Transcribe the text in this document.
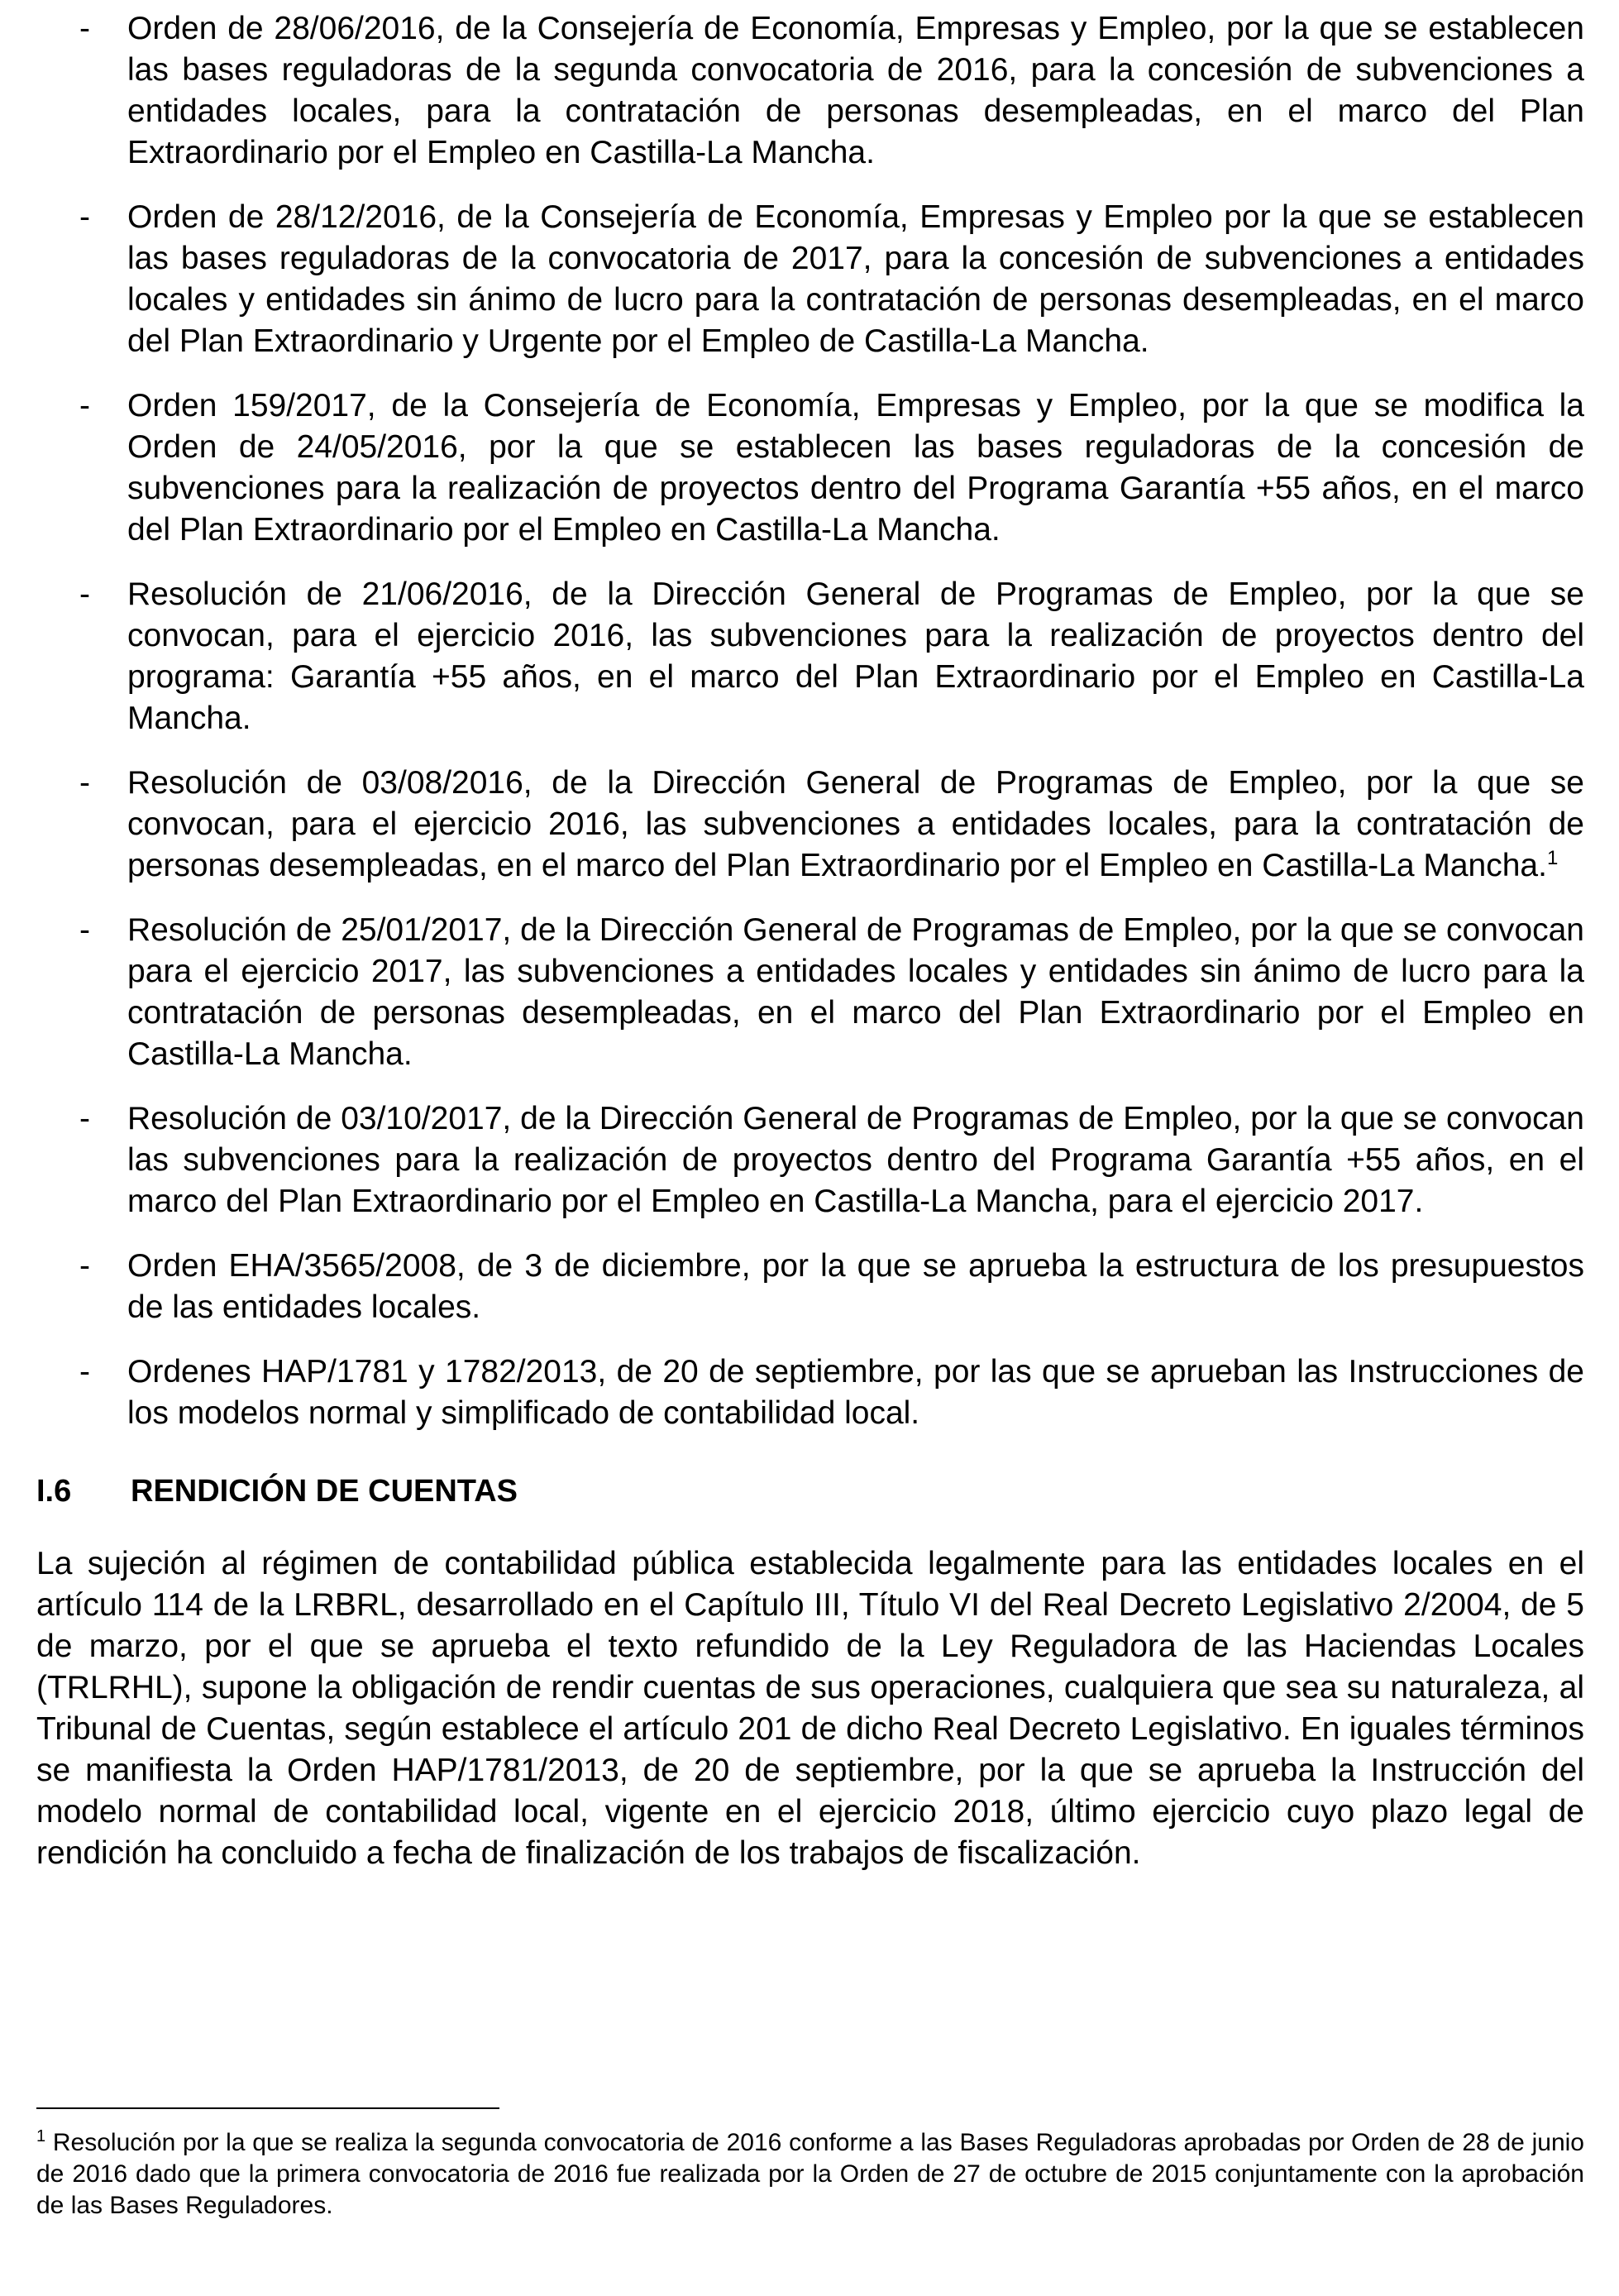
- Orden de 28/06/2016, de la Consejería de Economía, Empresas y Empleo, por la que se establecen las bases reguladoras de la segunda convocatoria de 2016, para la concesión de subvenciones a entidades locales, para la contratación de personas desempleadas, en el marco del Plan Extraordinario por el Empleo en Castilla-La Mancha.
- Orden de 28/12/2016, de la Consejería de Economía, Empresas y Empleo por la que se establecen las bases reguladoras de la convocatoria de 2017, para la concesión de subvenciones a entidades locales y entidades sin ánimo de lucro para la contratación de personas desempleadas, en el marco del Plan Extraordinario y Urgente por el Empleo de Castilla-La Mancha.
- Orden 159/2017, de la Consejería de Economía, Empresas y Empleo, por la que se modifica la Orden de 24/05/2016, por la que se establecen las bases reguladoras de la concesión de subvenciones para la realización de proyectos dentro del Programa Garantía +55 años, en el marco del Plan Extraordinario por el Empleo en Castilla-La Mancha.
- Resolución de 21/06/2016, de la Dirección General de Programas de Empleo, por la que se convocan, para el ejercicio 2016, las subvenciones para la realización de proyectos dentro del programa: Garantía +55 años, en el marco del Plan Extraordinario por el Empleo en Castilla-La Mancha.
- Resolución de 03/08/2016, de la Dirección General de Programas de Empleo, por la que se convocan, para el ejercicio 2016, las subvenciones a entidades locales, para la contratación de personas desempleadas, en el marco del Plan Extraordinario por el Empleo en Castilla-La Mancha.$^1$
- Resolución de 25/01/2017, de la Dirección General de Programas de Empleo, por la que se convocan para el ejercicio 2017, las subvenciones a entidades locales y entidades sin ánimo de lucro para la contratación de personas desempleadas, en el marco del Plan Extraordinario por el Empleo en Castilla-La Mancha.
- Resolución de 03/10/2017, de la Dirección General de Programas de Empleo, por la que se convocan las subvenciones para la realización de proyectos dentro del Programa Garantía +55 años, en el marco del Plan Extraordinario por el Empleo en Castilla-La Mancha, para el ejercicio 2017.
- Orden EHA/3565/2008, de 3 de diciembre, por la que se aprueba la estructura de los presupuestos de las entidades locales.
- Ordenes HAP/1781 y 1782/2013, de 20 de septiembre, por las que se aprueban las Instrucciones de los modelos normal y simplificado de contabilidad local.
I.6 RENDICIÓN DE CUENTAS

La sujeción al régimen de contabilidad pública establecida legalmente para las entidades locales en el artículo 114 de la LRBRL, desarrollado en el Capítulo III, Título VI del Real Decreto Legislativo 2/2004, de 5 de marzo, por el que se aprueba el texto refundido de la Ley Reguladora de las Haciendas Locales (TRLRHL), supone la obligación de rendir cuentas de sus operaciones, cualquiera que sea su naturaleza, al Tribunal de Cuentas, según establece el artículo 201 de dicho Real Decreto Legislativo. En iguales términos se manifiesta la Orden HAP/1781/2013, de 20 de septiembre, por la que se aprueba la Instrucción del modelo normal de contabilidad local, vigente en el ejercicio 2018, último ejercicio cuyo plazo legal de rendición ha concluido a fecha de finalización de los trabajos de fiscalización.

$^1$ Resolución por la que se realiza la segunda convocatoria de 2016 conforme a las Bases Reguladoras aprobadas por Orden de 28 de junio de 2016 dado que la primera convocatoria de 2016 fue realizada por la Orden de 27 de octubre de 2015 conjuntamente con la aprobación de las Bases Reguladores.
